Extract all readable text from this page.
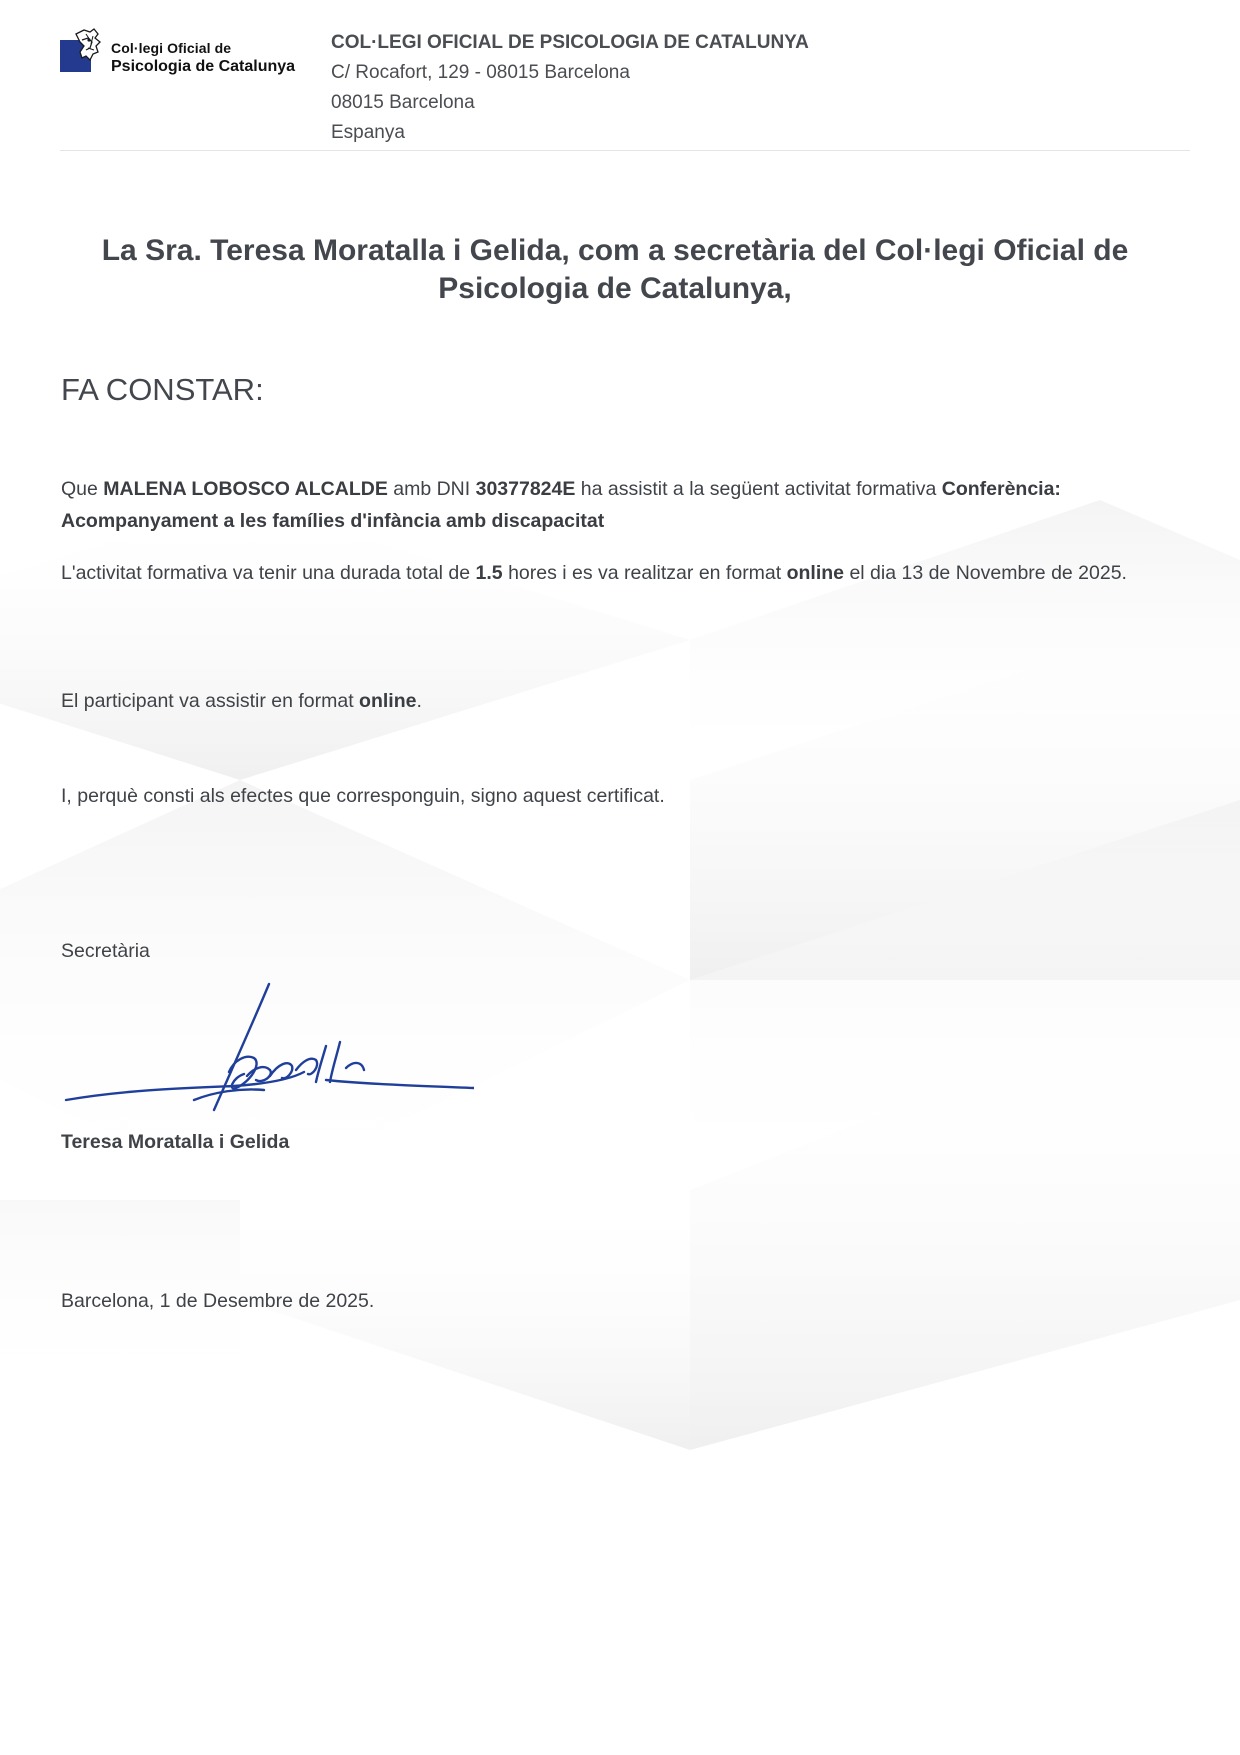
Col·legi Oficial de
Psicologia de Catalunya
COL·LEGI OFICIAL DE PSICOLOGIA DE CATALUNYA
C/ Rocafort, 129 - 08015 Barcelona
08015 Barcelona
Espanya
La Sra. Teresa Moratalla i Gelida, com a secretària del Col·legi Oficial de Psicologia de Catalunya,
FA CONSTAR:

Que MALENA LOBOSCO ALCALDE amb DNI 30377824E ha assistit a la següent activitat formativa Conferència: Acompanyament a les famílies d'infància amb discapacitat

L'activitat formativa va tenir una durada total de 1.5 hores i es va realitzar en format online el dia 13 de Novembre de 2025.

El participant va assistir en format online.

I, perquè consti als efectes que corresponguin, signo aquest certificat.

Secretària
Teresa Moratalla i Gelida
Barcelona, 1 de Desembre de 2025.
